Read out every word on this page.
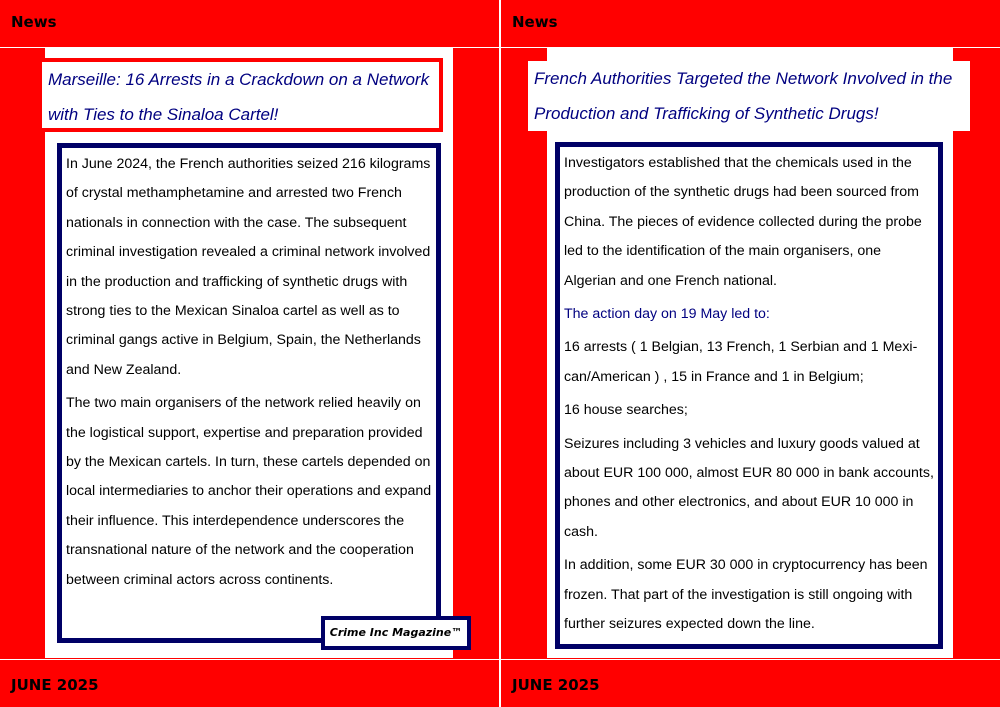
News
Marseille: 16 Arrests in a Crackdown on a Network with Ties to the Sinaloa Cartel!

In June 2024, the French authorities seized 216 kilograms of crystal methamphetamine and arrested two French nationals in connection with the case. The subsequent criminal investigation revealed a criminal network involved in the production and trafficking of synthetic drugs with strong ties to the Mexican Sinaloa cartel as well as to criminal gangs active in Belgium, Spain, the Netherlands and New Zealand.

The two main organisers of the network relied heavily on the logistical support, expertise and preparation provided by the Mexican cartels. In turn, these cartels depended on local intermediaries to anchor their operations and expand their influence. This interdependence underscores the transnational nature of the network and the cooperation between criminal actors across continents.

Crime Inc Magazine™
JUNE 2025
News
French Authorities Targeted the Network Involved in the Production and Trafficking of Synthetic Drugs!

Investigators established that the chemicals used in the production of the synthetic drugs had been sourced from China. The pieces of evidence collected during the probe led to the identification of the main organisers, one Algerian and one French national.

The action day on 19 May led to:

16 arrests ( 1 Belgian, 13 French, 1 Serbian and 1 Mexi-can/American ) , 15 in France and 1 in Belgium;

16 house searches;

Seizures including 3 vehicles and luxury goods valued at about EUR 100 000, almost EUR 80 000 in bank accounts, phones and other electronics, and about EUR 10 000 in cash.

In addition, some EUR 30 000 in cryptocurrency has been frozen. That part of the investigation is still ongoing with further seizures expected down the line.

JUNE 2025
